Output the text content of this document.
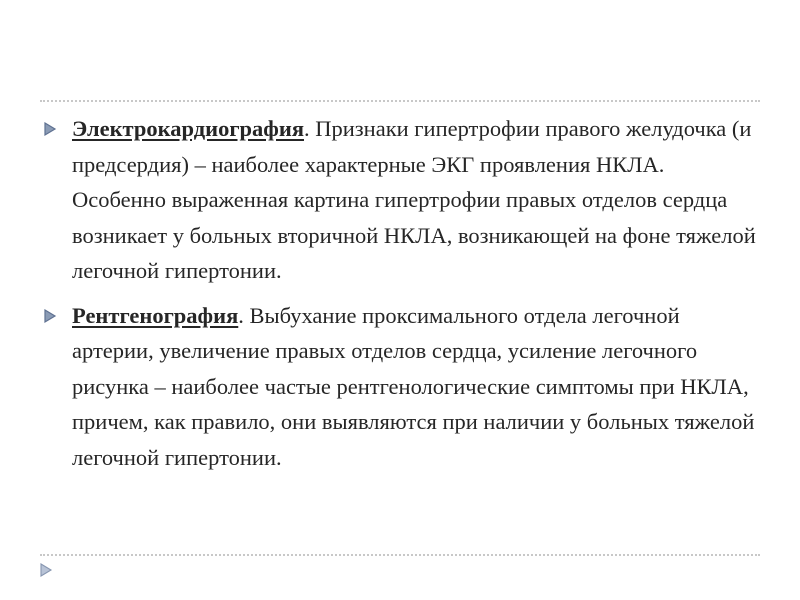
Электрокардиография. Признаки гипертрофии правого желудочка (и предсердия) – наиболее характерные ЭКГ проявления НКЛА. Особенно выраженная картина гипертрофии правых отделов сердца возникает у больных вторичной НКЛА, возникающей на фоне тяжелой легочной гипертонии.

Рентгенография. Выбухание проксимального отдела легочной артерии, увеличение правых отделов сердца, усиление легочного рисунка – наиболее частые рентгенологические симптомы при НКЛА, причем, как правило, они выявляются при наличии у больных тяжелой легочной гипертонии.
